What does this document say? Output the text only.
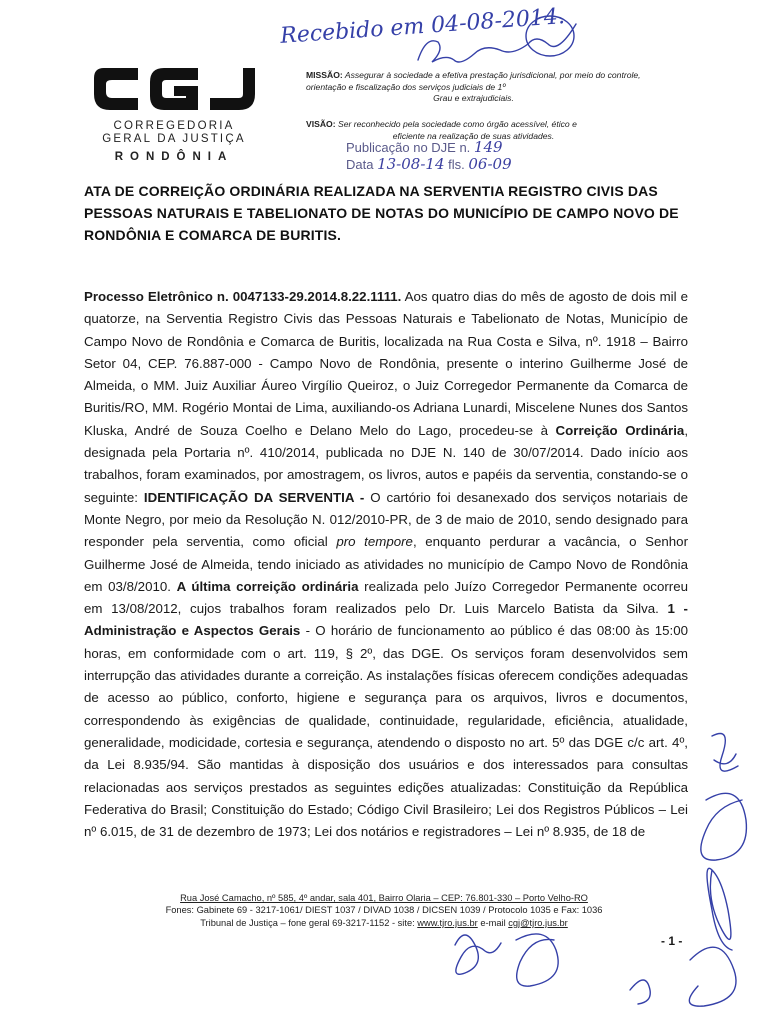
Recebido em 04-08-2014.
CORREGEDORIA
GERAL DA JUSTIÇA
RONDÔNIA
MISSÃO: Assegurar à sociedade a efetiva prestação jurisdicional, por meio do controle, orientação e fiscalização dos serviços judiciais de 1º
Grau e extrajudiciais.
VISÃO: Ser reconhecido pela sociedade como órgão acessível, ético e
eficiente na realização de suas atividades.
Publicação no DJE n. 149
Data 13-08-14 fls. 06-09
ATA DE CORREIÇÃO ORDINÁRIA REALIZADA NA SERVENTIA REGISTRO CIVIS DAS PESSOAS NATURAIS E TABELIONATO DE NOTAS DO MUNICÍPIO DE CAMPO NOVO DE RONDÔNIA E COMARCA DE BURITIS.
Processo Eletrônico n. 0047133-29.2014.8.22.1111. Aos quatro dias do mês de agosto de dois mil e quatorze, na Serventia Registro Civis das Pessoas Naturais e Tabelionato de Notas, Município de Campo Novo de Rondônia e Comarca de Buritis, localizada na Rua Costa e Silva, nº. 1918 – Bairro Setor 04, CEP. 76.887-000 - Campo Novo de Rondônia, presente o interino Guilherme José de Almeida, o MM. Juiz Auxiliar Áureo Virgílio Queiroz, o Juiz Corregedor Permanente da Comarca de Buritis/RO, MM. Rogério Montai de Lima, auxiliando-os Adriana Lunardi, Miscelene Nunes dos Santos Kluska, André de Souza Coelho e Delano Melo do Lago, procedeu-se à Correição Ordinária, designada pela Portaria nº. 410/2014, publicada no DJE N. 140 de 30/07/2014. Dado início aos trabalhos, foram examinados, por amostragem, os livros, autos e papéis da serventia, constando-se o seguinte: IDENTIFICAÇÃO DA SERVENTIA - O cartório foi desanexado dos serviços notariais de Monte Negro, por meio da Resolução N. 012/2010-PR, de 3 de maio de 2010, sendo designado para responder pela serventia, como oficial pro tempore, enquanto perdurar a vacância, o Senhor Guilherme José de Almeida, tendo iniciado as atividades no município de Campo Novo de Rondônia em 03/8/2010. A última correição ordinária realizada pelo Juízo Corregedor Permanente ocorreu em 13/08/2012, cujos trabalhos foram realizados pelo Dr. Luis Marcelo Batista da Silva. 1 - Administração e Aspectos Gerais - O horário de funcionamento ao público é das 08:00 às 15:00 horas, em conformidade com o art. 119, § 2º, das DGE. Os serviços foram desenvolvidos sem interrupção das atividades durante a correição. As instalações físicas oferecem condições adequadas de acesso ao público, conforto, higiene e segurança para os arquivos, livros e documentos, correspondendo às exigências de qualidade, continuidade, regularidade, eficiência, atualidade, generalidade, modicidade, cortesia e segurança, atendendo o disposto no art. 5º das DGE c/c art. 4º, da Lei 8.935/94. São mantidas à disposição dos usuários e dos interessados para consultas relacionadas aos serviços prestados as seguintes edições atualizadas: Constituição da República Federativa do Brasil; Constituição do Estado; Código Civil Brasileiro; Lei dos Registros Públicos – Lei nº 6.015, de 31 de dezembro de 1973; Lei dos notários e registradores – Lei nº 8.935, de 18 de
Rua José Camacho, nº 585, 4º andar, sala 401, Bairro Olaria – CEP: 76.801-330 – Porto Velho-RO
Fones: Gabinete 69 - 3217-1061/ DIEST 1037 / DIVAD 1038 / DICSEN 1039 / Protocolo 1035 e Fax: 1036
Tribunal de Justiça – fone geral 69-3217-1152 - site: www.tjro.jus.br e-mail cgj@tjro.jus.br
- 1 -
